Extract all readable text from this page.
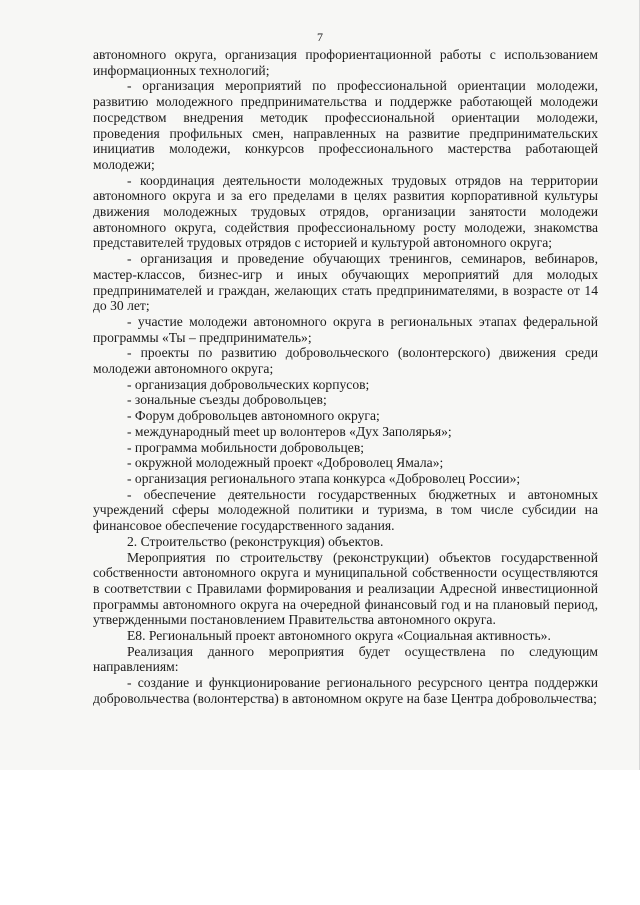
7

автономного округа, организация профориентационной работы с использованием информационных технологий;

- организация мероприятий по профессиональной ориентации молодежи, развитию молодежного предпринимательства и поддержке работающей молодежи посредством внедрения методик профессиональной ориентации молодежи, проведения профильных смен, направленных на развитие предпринимательских инициатив молодежи, конкурсов профессионального мастерства работающей молодежи;

- координация деятельности молодежных трудовых отрядов на территории автономного округа и за его пределами в целях развития корпоративной культуры движения молодежных трудовых отрядов, организации занятости молодежи автономного округа, содействия профессиональному росту молодежи, знакомства представителей трудовых отрядов с историей и культурой автономного округа;

- организация и проведение обучающих тренингов, семинаров, вебинаров, мастер-классов, бизнес-игр и иных обучающих мероприятий для молодых предпринимателей и граждан, желающих стать предпринимателями, в возрасте от 14 до 30 лет;

- участие молодежи автономного округа в региональных этапах федеральной программы «Ты – предприниматель»;

- проекты по развитию добровольческого (волонтерского) движения среди молодежи автономного округа;

- организация добровольческих корпусов;

- зональные съезды добровольцев;

- Форум добровольцев автономного округа;

- международный meet up волонтеров «Дух Заполярья»;

- программа мобильности добровольцев;

- окружной молодежный проект «Доброволец Ямала»;

- организация регионального этапа конкурса «Доброволец России»;

- обеспечение деятельности государственных бюджетных и автономных учреждений сферы молодежной политики и туризма, в том числе субсидии на финансовое обеспечение государственного задания.

2. Строительство (реконструкция) объектов.

Мероприятия по строительству (реконструкции) объектов государственной собственности автономного округа и муниципальной собственности осуществляются в соответствии с Правилами формирования и реализации Адресной инвестиционной программы автономного округа на очередной финансовый год и на плановый период, утвержденными постановлением Правительства автономного округа.

Е8. Региональный проект автономного округа «Социальная активность».

Реализация данного мероприятия будет осуществлена по следующим направлениям:

- создание и функционирование регионального ресурсного центра поддержки добровольчества (волонтерства) в автономном округе на базе Центра добровольчества;
